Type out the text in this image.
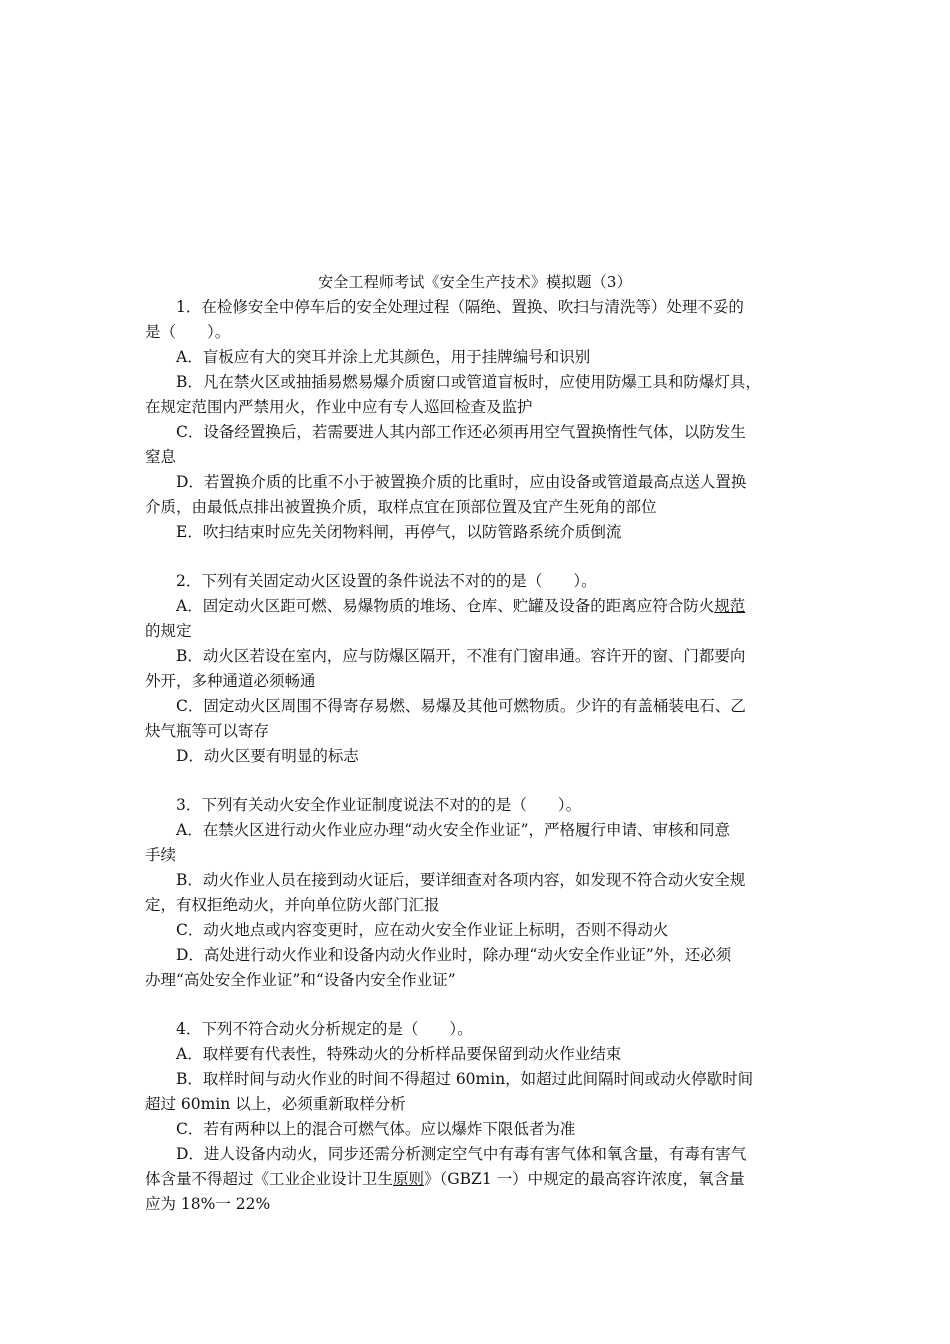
安全工程师考试《安全生产技术》模拟题（3）

1．在检修安全中停车后的安全处理过程（隔绝、置换、吹扫与清洗等）处理不妥的

是（　　）。

A．盲板应有大的突耳并涂上尤其颜色，用于挂牌编号和识别

B．凡在禁火区或抽插易燃易爆介质窗口或管道盲板时，应使用防爆工具和防爆灯具，

在规定范围内严禁用火，作业中应有专人巡回检查及监护

C．设备经置换后，若需要进人其内部工作还必须再用空气置换惰性气体，以防发生

窒息

D．若置换介质的比重不小于被置换介质的比重时，应由设备或管道最高点送人置换

介质，由最低点排出被置换介质，取样点宜在顶部位置及宜产生死角的部位

E．吹扫结束时应先关闭物料闸，再停气，以防管路系统介质倒流

2．下列有关固定动火区设置的条件说法不对的的是（　　）。

A．固定动火区距可燃、易爆物质的堆场、仓库、贮罐及设备的距离应符合防火规范

的规定

B．动火区若设在室内，应与防爆区隔开，不准有门窗串通。容许开的窗、门都要向

外开，多种通道必须畅通

C．固定动火区周围不得寄存易燃、易爆及其他可燃物质。少许的有盖桶装电石、乙

炔气瓶等可以寄存

D．动火区要有明显的标志

3．下列有关动火安全作业证制度说法不对的的是（　　）。

A．在禁火区进行动火作业应办理“动火安全作业证”，严格履行申请、审核和同意

手续

B．动火作业人员在接到动火证后，要详细查对各项内容，如发现不符合动火安全规

定，有权拒绝动火，并向单位防火部门汇报

C．动火地点或内容变更时，应在动火安全作业证上标明，否则不得动火

D．高处进行动火作业和设备内动火作业时，除办理“动火安全作业证”外，还必须

办理“高处安全作业证”和“设备内安全作业证”

4．下列不符合动火分析规定的是（　　）。

A．取样要有代表性，特殊动火的分析样品要保留到动火作业结束

B．取样时间与动火作业的时间不得超过 60min，如超过此间隔时间或动火停歇时间

超过 60min 以上，必须重新取样分析

C．若有两种以上的混合可燃气体。应以爆炸下限低者为准

D．进人设备内动火，同步还需分析测定空气中有毒有害气体和氧含量，有毒有害气

体含量不得超过《工业企业设计卫生原则》（GBZ1 一）中规定的最高容许浓度，氧含量

应为 18%一 22%
